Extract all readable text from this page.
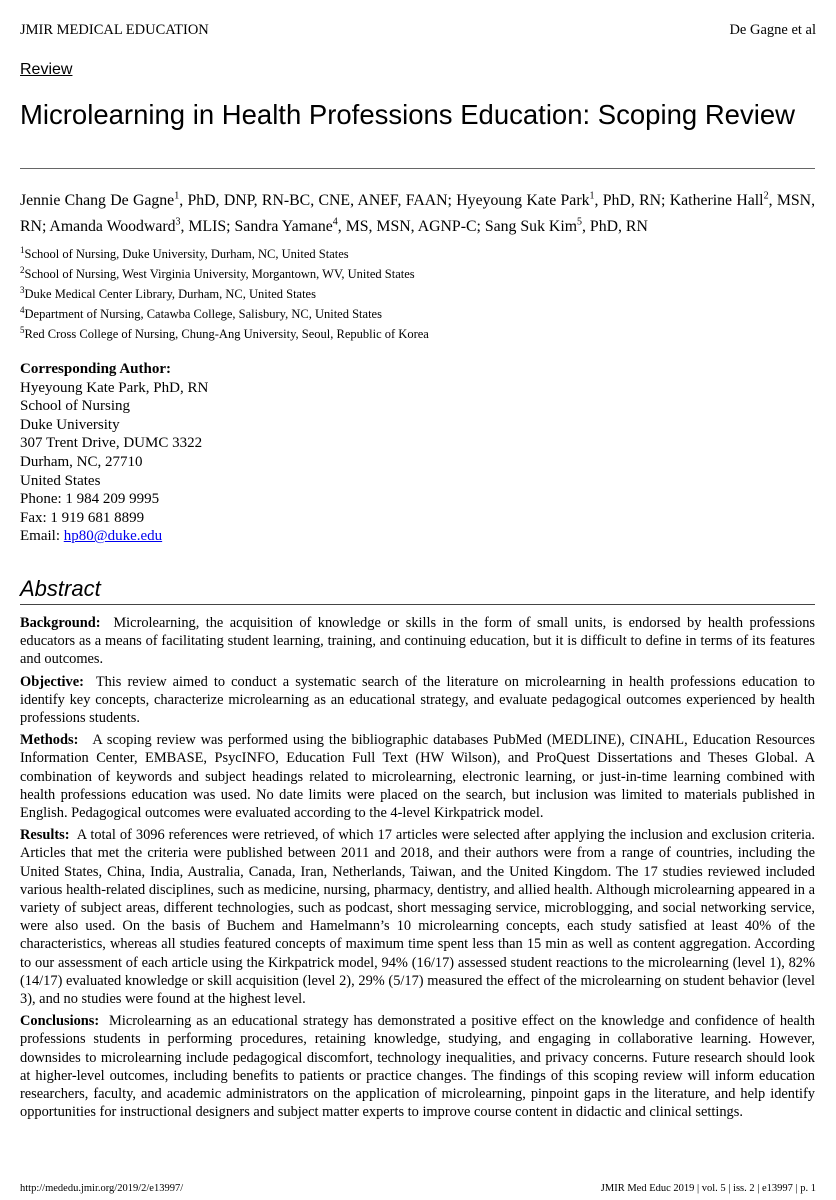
JMIR MEDICAL EDUCATION	De Gagne et al
Review
Microlearning in Health Professions Education: Scoping Review
Jennie Chang De Gagne$^1$, PhD, DNP, RN-BC, CNE, ANEF, FAAN; Hyeyoung Kate Park$^1$, PhD, RN; Katherine Hall$^2$, MSN, RN; Amanda Woodward$^3$, MLIS; Sandra Yamane$^4$, MS, MSN, AGNP-C; Sang Suk Kim$^5$, PhD, RN
$^1$School of Nursing, Duke University, Durham, NC, United States
$^2$School of Nursing, West Virginia University, Morgantown, WV, United States
$^3$Duke Medical Center Library, Durham, NC, United States
$^4$Department of Nursing, Catawba College, Salisbury, NC, United States
$^5$Red Cross College of Nursing, Chung-Ang University, Seoul, Republic of Korea
Corresponding Author:
Hyeyoung Kate Park, PhD, RN
School of Nursing
Duke University
307 Trent Drive, DUMC 3322
Durham, NC, 27710
United States
Phone: 1 984 209 9995
Fax: 1 919 681 8899
Email: hp80@duke.edu
Abstract

Background: Microlearning, the acquisition of knowledge or skills in the form of small units, is endorsed by health professions educators as a means of facilitating student learning, training, and continuing education, but it is difficult to define in terms of its features and outcomes.

Objective: This review aimed to conduct a systematic search of the literature on microlearning in health professions education to identify key concepts, characterize microlearning as an educational strategy, and evaluate pedagogical outcomes experienced by health professions students.

Methods: A scoping review was performed using the bibliographic databases PubMed (MEDLINE), CINAHL, Education Resources Information Center, EMBASE, PsycINFO, Education Full Text (HW Wilson), and ProQuest Dissertations and Theses Global. A combination of keywords and subject headings related to microlearning, electronic learning, or just-in-time learning combined with health professions education was used. No date limits were placed on the search, but inclusion was limited to materials published in English. Pedagogical outcomes were evaluated according to the 4-level Kirkpatrick model.

Results: A total of 3096 references were retrieved, of which 17 articles were selected after applying the inclusion and exclusion criteria. Articles that met the criteria were published between 2011 and 2018, and their authors were from a range of countries, including the United States, China, India, Australia, Canada, Iran, Netherlands, Taiwan, and the United Kingdom. The 17 studies reviewed included various health-related disciplines, such as medicine, nursing, pharmacy, dentistry, and allied health. Although microlearning appeared in a variety of subject areas, different technologies, such as podcast, short messaging service, microblogging, and social networking service, were also used. On the basis of Buchem and Hamelmann’s 10 microlearning concepts, each study satisfied at least 40% of the characteristics, whereas all studies featured concepts of maximum time spent less than 15 min as well as content aggregation. According to our assessment of each article using the Kirkpatrick model, 94% (16/17) assessed student reactions to the microlearning (level 1), 82% (14/17) evaluated knowledge or skill acquisition (level 2), 29% (5/17) measured the effect of the microlearning on student behavior (level 3), and no studies were found at the highest level.

Conclusions: Microlearning as an educational strategy has demonstrated a positive effect on the knowledge and confidence of health professions students in performing procedures, retaining knowledge, studying, and engaging in collaborative learning. However, downsides to microlearning include pedagogical discomfort, technology inequalities, and privacy concerns. Future research should look at higher-level outcomes, including benefits to patients or practice changes. The findings of this scoping review will inform education researchers, faculty, and academic administrators on the application of microlearning, pinpoint gaps in the literature, and help identify opportunities for instructional designers and subject matter experts to improve course content in didactic and clinical settings.

http://mededu.jmir.org/2019/2/e13997/	JMIR Med Educ 2019 | vol. 5 | iss. 2 | e13997 | p. 1
